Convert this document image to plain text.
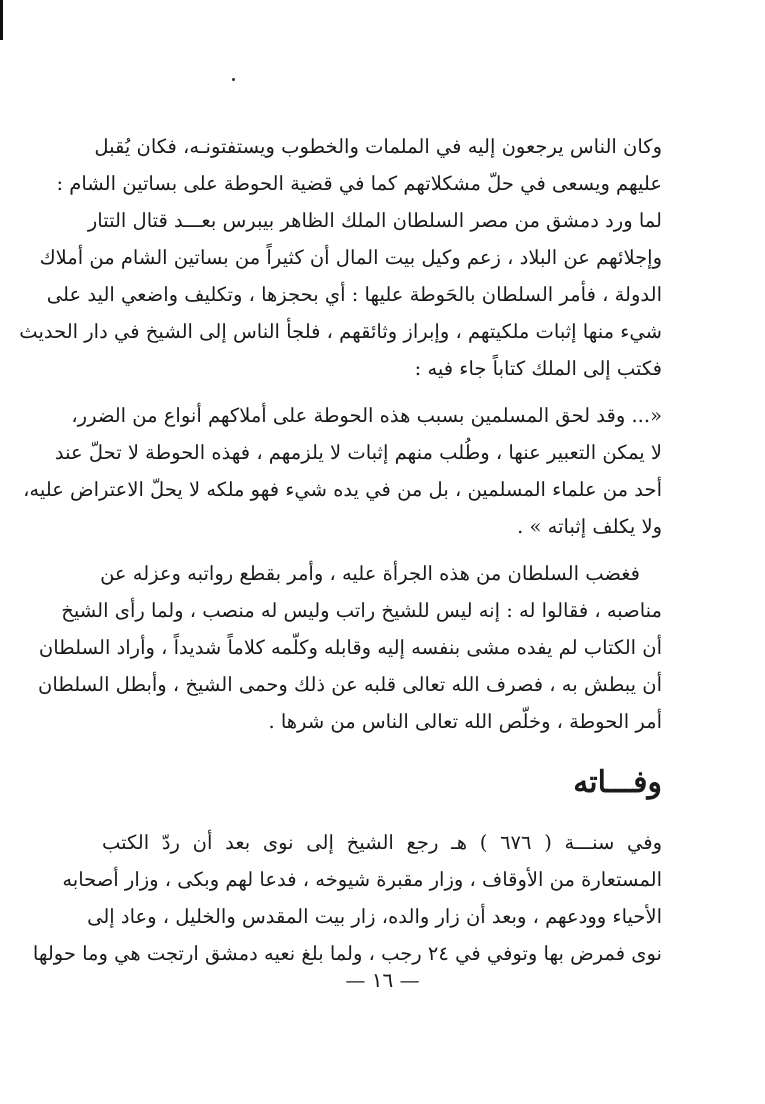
وكان الناس يرجعون إليه في الملمات والخطوب ويستفتونـه، فكان يُقبل
عليهم ويسعى في حلّ مشكلاتهم كما في قضية الحوطة على بساتين الشام :
لما ورد دمشق من مصر السلطان الملك الظاهر بيبرس بعـــد قتال التتار
وإجلائهم عن البلاد ، زعم وكيل بيت المال أن كثيراً من بساتين الشام من أملاك
الدولة ، فأمر السلطان بالحَوطة عليها : أي بحجزها ، وتكليف واضعي اليد على
شيء منها إثبات ملكيتهم ، وإبراز وثائقهم ، فلجأ الناس إلى الشيخ في دار الحديث
فكتب إلى الملك كتاباً جاء فيه :
«... وقد لحق المسلمين بسبب هذه الحوطة على أملاكهم أنواع من الضرر،
لا يمكن التعبير عنها ، وطُلب منهم إثبات لا يلزمهم ، فهذه الحوطة لا تحلّ عند
أحد من علماء المسلمين ، بل من في يده شيء فهو ملكه لا يحلّ الاعتراض عليه،
ولا يكلف إثباته » .
فغضب السلطان من هذه الجرأة عليه ، وأمر بقطع رواتبه وعزله عن
مناصبه ، فقالوا له : إنه ليس للشيخ راتب وليس له منصب ، ولما رأى الشيخ
أن الكتاب لم يفده مشى بنفسه إليه وقابله وكلّمه كلاماً شديداً ، وأراد السلطان
أن يبطش به ، فصرف الله تعالى قلبه عن ذلك وحمى الشيخ ، وأبطل السلطان
أمر الحوطة ، وخلّص الله تعالى الناس من شرها .
وفـــاته
وفي سنـــة ( ٦٧٦ ) هـ رجع الشيخ إلى نوى بعد أن ردّ الكتب
المستعارة من الأوقاف ، وزار مقبرة شيوخه ، فدعا لهم وبكى ، وزار أصحابه
الأحياء وودعهم ، وبعد أن زار والده، زار بيت المقدس والخليل ، وعاد إلى
نوى فمرض بها وتوفي في ٢٤ رجب ، ولما بلغ نعيه دمشق ارتجت هي وما حولها
— ١٦ —
